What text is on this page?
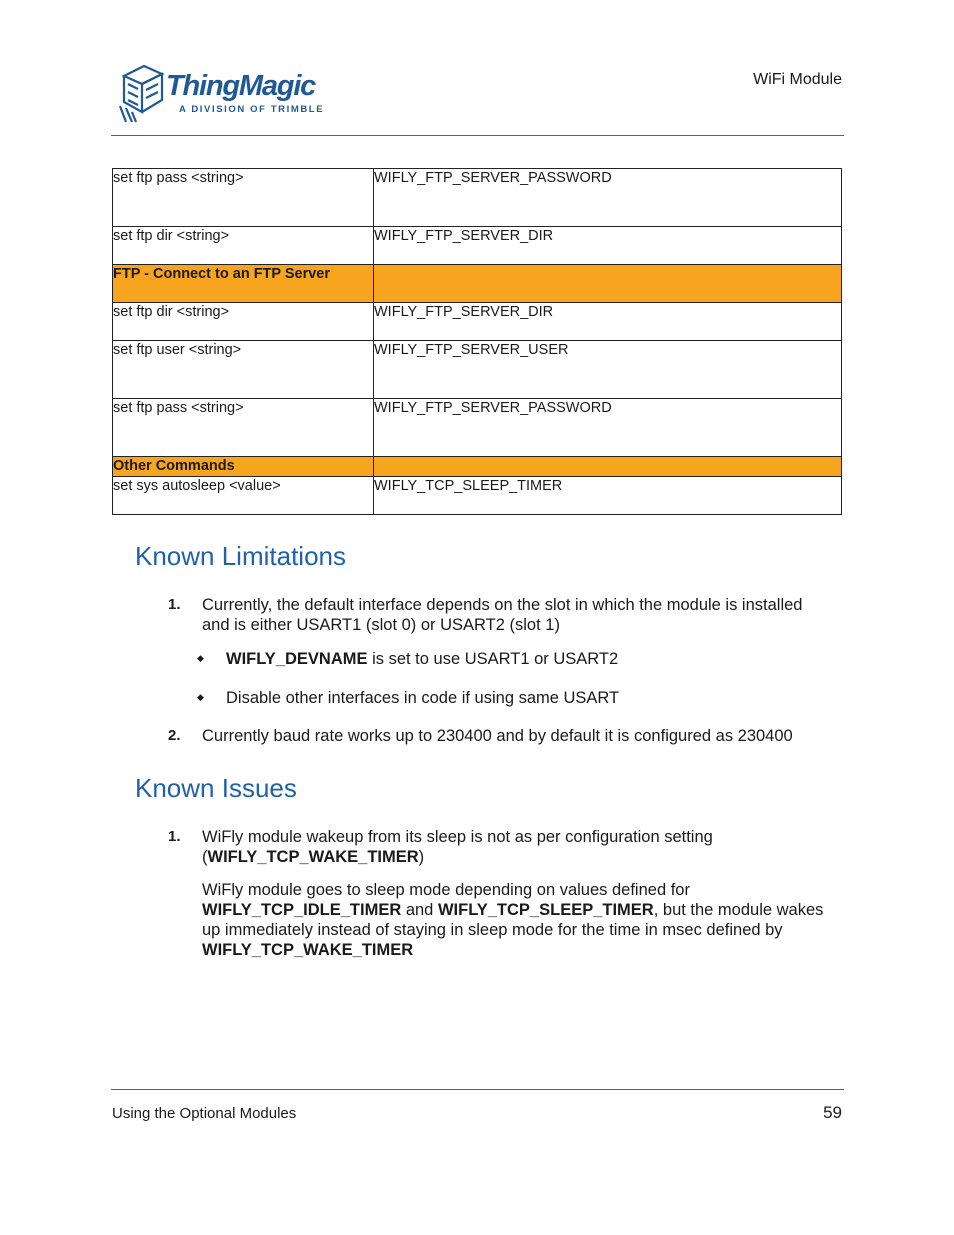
ThingMagic
A DIVISION OF TRIMBLE
WiFi Module
set ftp pass <string>	WIFLY_FTP_SERVER_PASSWORD
set ftp dir <string>	WIFLY_FTP_SERVER_DIR
FTP - Connect to an FTP Server	
set ftp dir <string>	WIFLY_FTP_SERVER_DIR
set ftp user <string>	WIFLY_FTP_SERVER_USER
set ftp pass <string>	WIFLY_FTP_SERVER_PASSWORD
Other Commands	
set sys autosleep <value>	WIFLY_TCP_SLEEP_TIMER
Known Limitations
1. Currently, the default interface depends on the slot in which the module is installed
and is either USART1 (slot 0) or USART2 (slot 1)
◆ WIFLY_DEVNAME is set to use USART1 or USART2
◆ Disable other interfaces in code if using same USART
2. Currently baud rate works up to 230400 and by default it is configured as 230400
Known Issues
1. WiFly module wakeup from its sleep is not as per configuration setting
(WIFLY_TCP_WAKE_TIMER)
WiFly module goes to sleep mode depending on values defined for
WIFLY_TCP_IDLE_TIMER and WIFLY_TCP_SLEEP_TIMER, but the module wakes
up immediately instead of staying in sleep mode for the time in msec defined by
WIFLY_TCP_WAKE_TIMER
Using the Optional Modules	59
